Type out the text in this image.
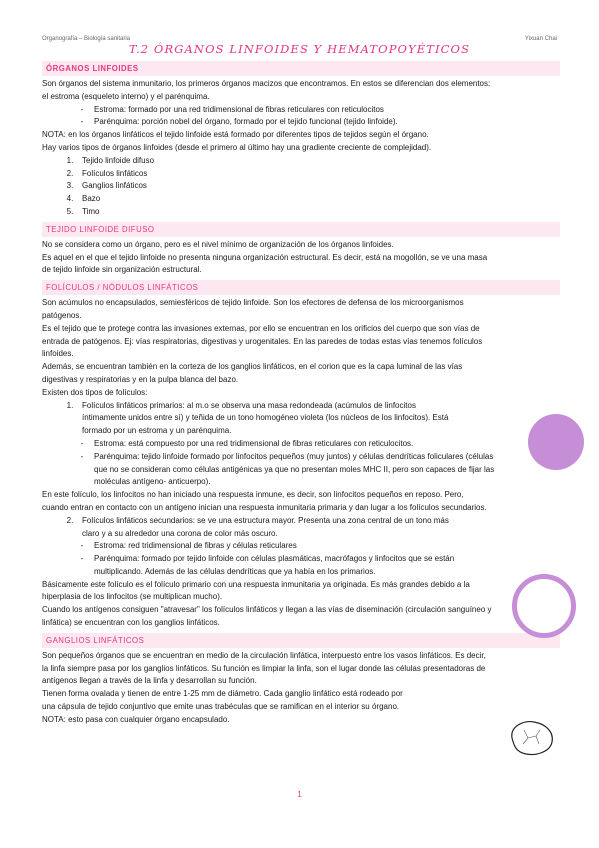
Organografía – Biología sanitaria	Yixuan Chai
T.2 ÓRGANOS LINFOIDES Y HEMATOPOYÉTICOS
ÓRGANOS LINFOIDES

Son órganos del sistema inmunitario, los primeros órganos macizos que encontramos. En estos se diferencian dos elementos:

el estroma (esqueleto interno) y el parénquima.

-	Estroma: formado por una red tridimensional de fibras reticulares con reticulocitos
-	Parénquima: porción nobel del órgano, formado por el tejido funcional (tejido linfoide).

NOTA: en los órganos linfáticos el tejido linfoide está formado por diferentes tipos de tejidos según el órgano.

Hay varios tipos de órganos linfoides (desde el primero al último hay una gradiente creciente de complejidad).

1.	Tejido linfoide difuso
2.	Folículos linfáticos
3.	Ganglios linfáticos
4.	Bazo
5.	Timo
TEJIDO LINFOIDE DIFUSO

No se considera como un órgano, pero es el nivel mínimo de organización de los órganos linfoides.

Es aquel en el que el tejido linfoide no presenta ninguna organización estructural. Es decir, está na mogollón, se ve una masa

de tejido linfoide sin organización estructural.

FOLÍCULOS / NÓDULOS LINFÁTICOS

Son acúmulos no encapsulados, semiesféricos de tejido linfoide. Son los efectores de defensa de los microorganismos

patógenos.

Es el tejido que te protege contra las invasiones externas, por ello se encuentran en los orificios del cuerpo que son vías de

entrada de patógenos. Ej: vías respiratorias, digestivas y urogenitales. En las paredes de todas estas vías tenemos folículos

linfoides.

Además, se encuentran también en la corteza de los ganglios linfáticos, en el corion que es la capa luminal de las vías

digestivas y respiratorias y en la pulpa blanca del bazo.

Existen dos tipos de folículos:

1.	Folículos linfáticos primarios: al m.o se observa una masa redondeada (acúmulos de linfocitos
íntimamente unidos entre sí) y teñida de un tono homogéneo violeta (los núcleos de los linfocitos). Está
formado por un estroma y un parénquima.
-	Estroma: está compuesto por una red tridimensional de fibras reticulares con reticulocitos.
-	Parénquima: tejido linfoide formado por linfocitos pequeños (muy juntos) y células dendríticas foliculares (células
que no se consideran como células antigénicas ya que no presentan moles MHC II, pero son capaces de fijar las
moléculas antígeno- anticuerpo).

En este folículo, los linfocitos no han iniciado una respuesta inmune, es decir, son linfocitos pequeños en reposo. Pero,

cuando entran en contacto con un antígeno inician una respuesta inmunitaria primaria y dan lugar a los folículos secundarios.

2.	Folículos linfáticos secundarios: se ve una estructura mayor. Presenta una zona central de un tono más
claro y a su alrededor una corona de color más oscuro.
-	Estroma: red tridimensional de fibras y células reticulares
-	Parénquima: formado por tejido linfoide con células plasmáticas, macrófagos y linfocitos que se están
multiplicando. Además de las células dendríticas que ya había en los primarios.

Básicamente este folículo es el folículo primario con una respuesta inmunitaria ya originada. Es más grandes debido a la

hiperplasia de los linfocitos (se multiplican mucho).

Cuando los antígenos consiguen "atravesar" los folículos linfáticos y llegan a las vías de diseminación (circulación sanguíneo y

linfática) se encuentran con los ganglios linfáticos.

GANGLIOS LINFÁTICOS

Son pequeños órganos que se encuentran en medio de la circulación linfática, interpuesto entre los vasos linfáticos. Es decir,

la linfa siempre pasa por los ganglios linfáticos. Su función es limpiar la linfa, son el lugar donde las células presentadoras de

antígenos llegan a través de la linfa y desarrollan su función.

Tienen forma ovalada y tienen de entre 1-25 mm de diámetro. Cada ganglio linfático está rodeado por

una cápsula de tejido conjuntivo que emite unas trabéculas que se ramifican en el interior su órgano.

NOTA: esto pasa con cualquier órgano encapsulado.

1
